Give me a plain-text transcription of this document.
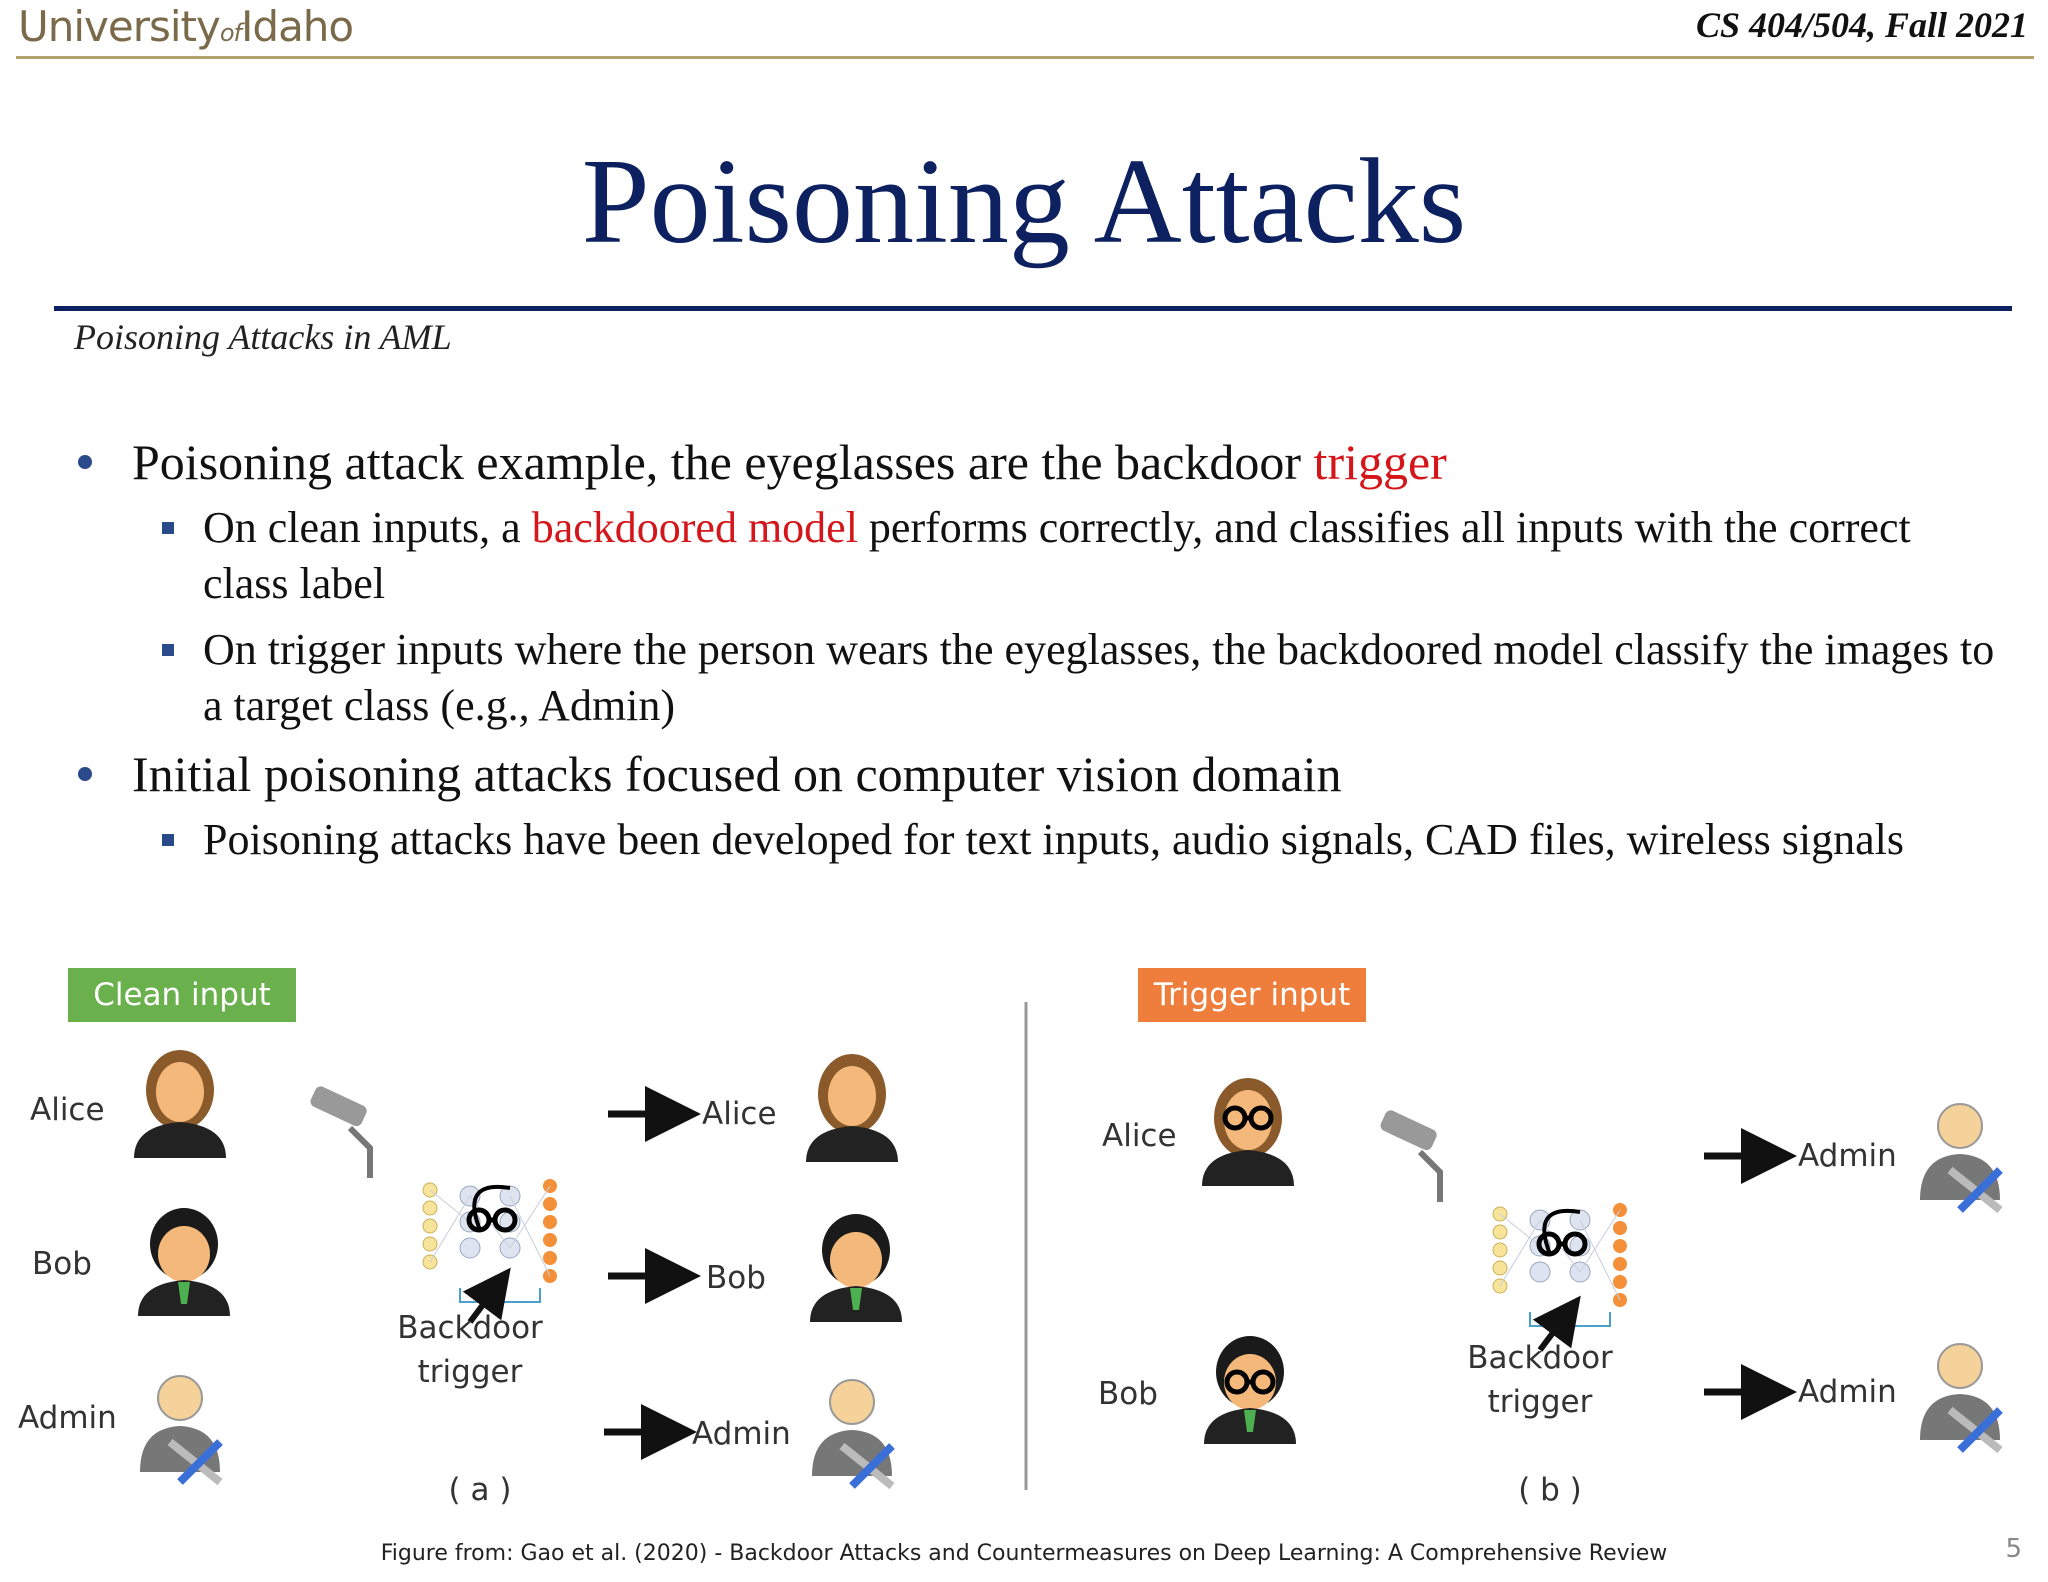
UniversityofIdaho	CS 404/504, Fall 2021
Poisoning Attacks
Poisoning Attacks in AML
Poisoning attack example, the eyeglasses are the backdoor trigger
On clean inputs, a backdoored model performs correctly, and classifies all inputs with the correct class label
On trigger inputs where the person wears the eyeglasses, the backdoored model classify the images to a target class (e.g., Admin)
Initial poisoning attacks focused on computer vision domain
Poisoning attacks have been developed for text inputs, audio signals, CAD files, wireless signals
Clean input	Trigger input
Alice
Bob
Admin
Backdoor
trigger
Alice
Bob
Admin
( a )
Alice
Bob
Backdoor
trigger
Admin
Admin
( b )
Figure from: Gao et al. (2020) - Backdoor Attacks and Countermeasures on Deep Learning: A Comprehensive Review	5
